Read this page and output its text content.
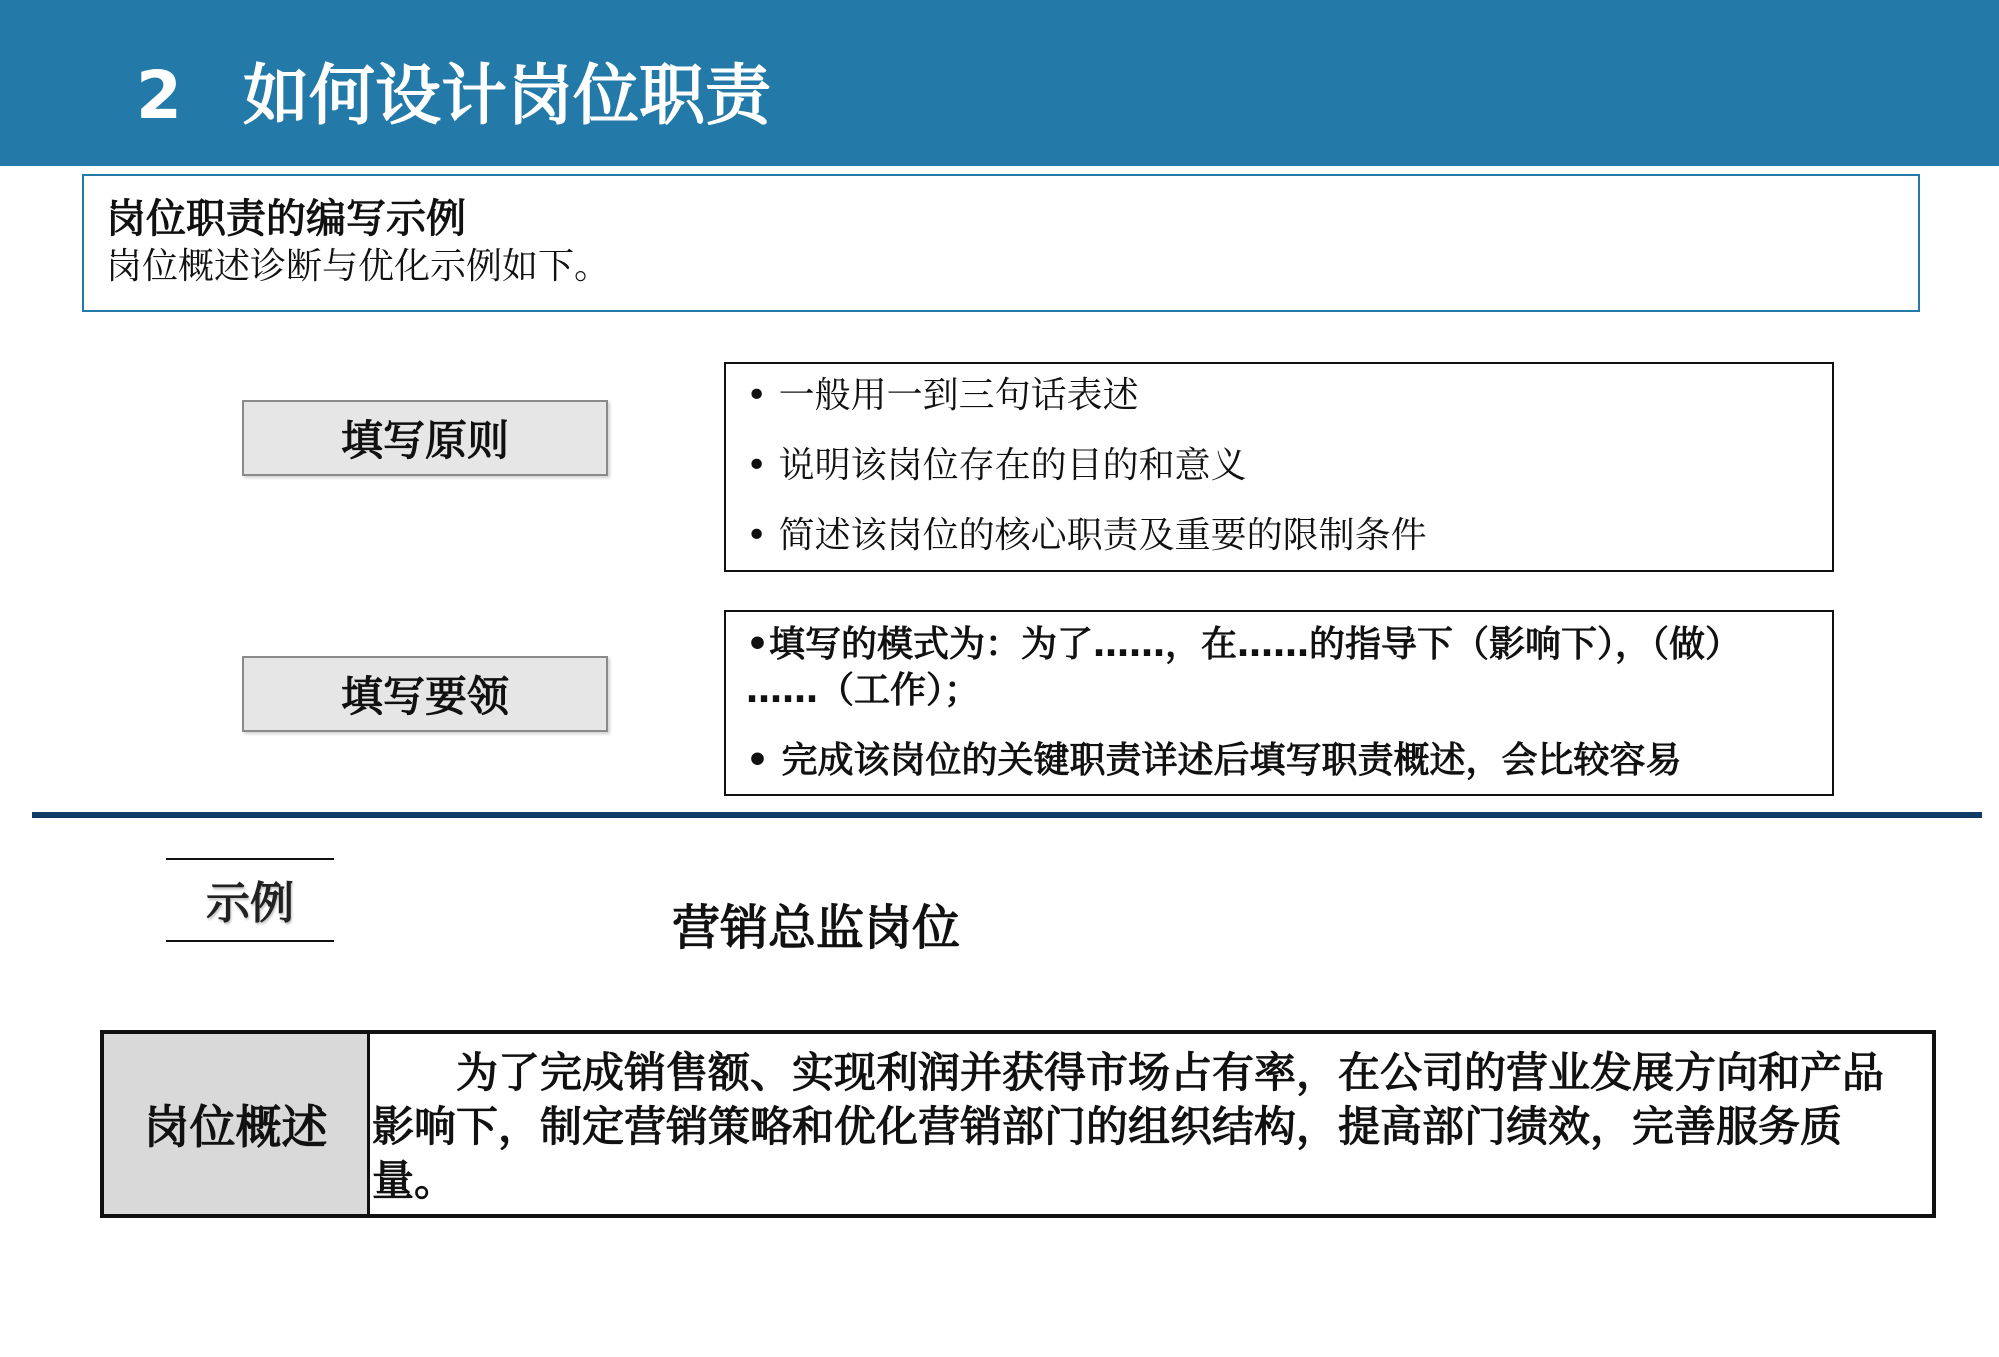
2 如何设计岗位职责
岗位职责的编写示例
岗位概述诊断与优化示例如下。
填写原则
• 一般用一到三句话表述
• 说明该岗位存在的目的和意义
• 简述该岗位的核心职责及重要的限制条件
填写要领
•填写的模式为：为了……，在……的指导下（影响下），（做）
……（工作）；
• 完成该岗位的关键职责详述后填写职责概述，会比较容易
示例	营销总监岗位
岗位概述
为了完成销售额、实现利润并获得市场占有率，在公司的营业发展方向和产品影响下，制定营销策略和优化营销部门的组织结构，提高部门绩效，完善服务质量。
